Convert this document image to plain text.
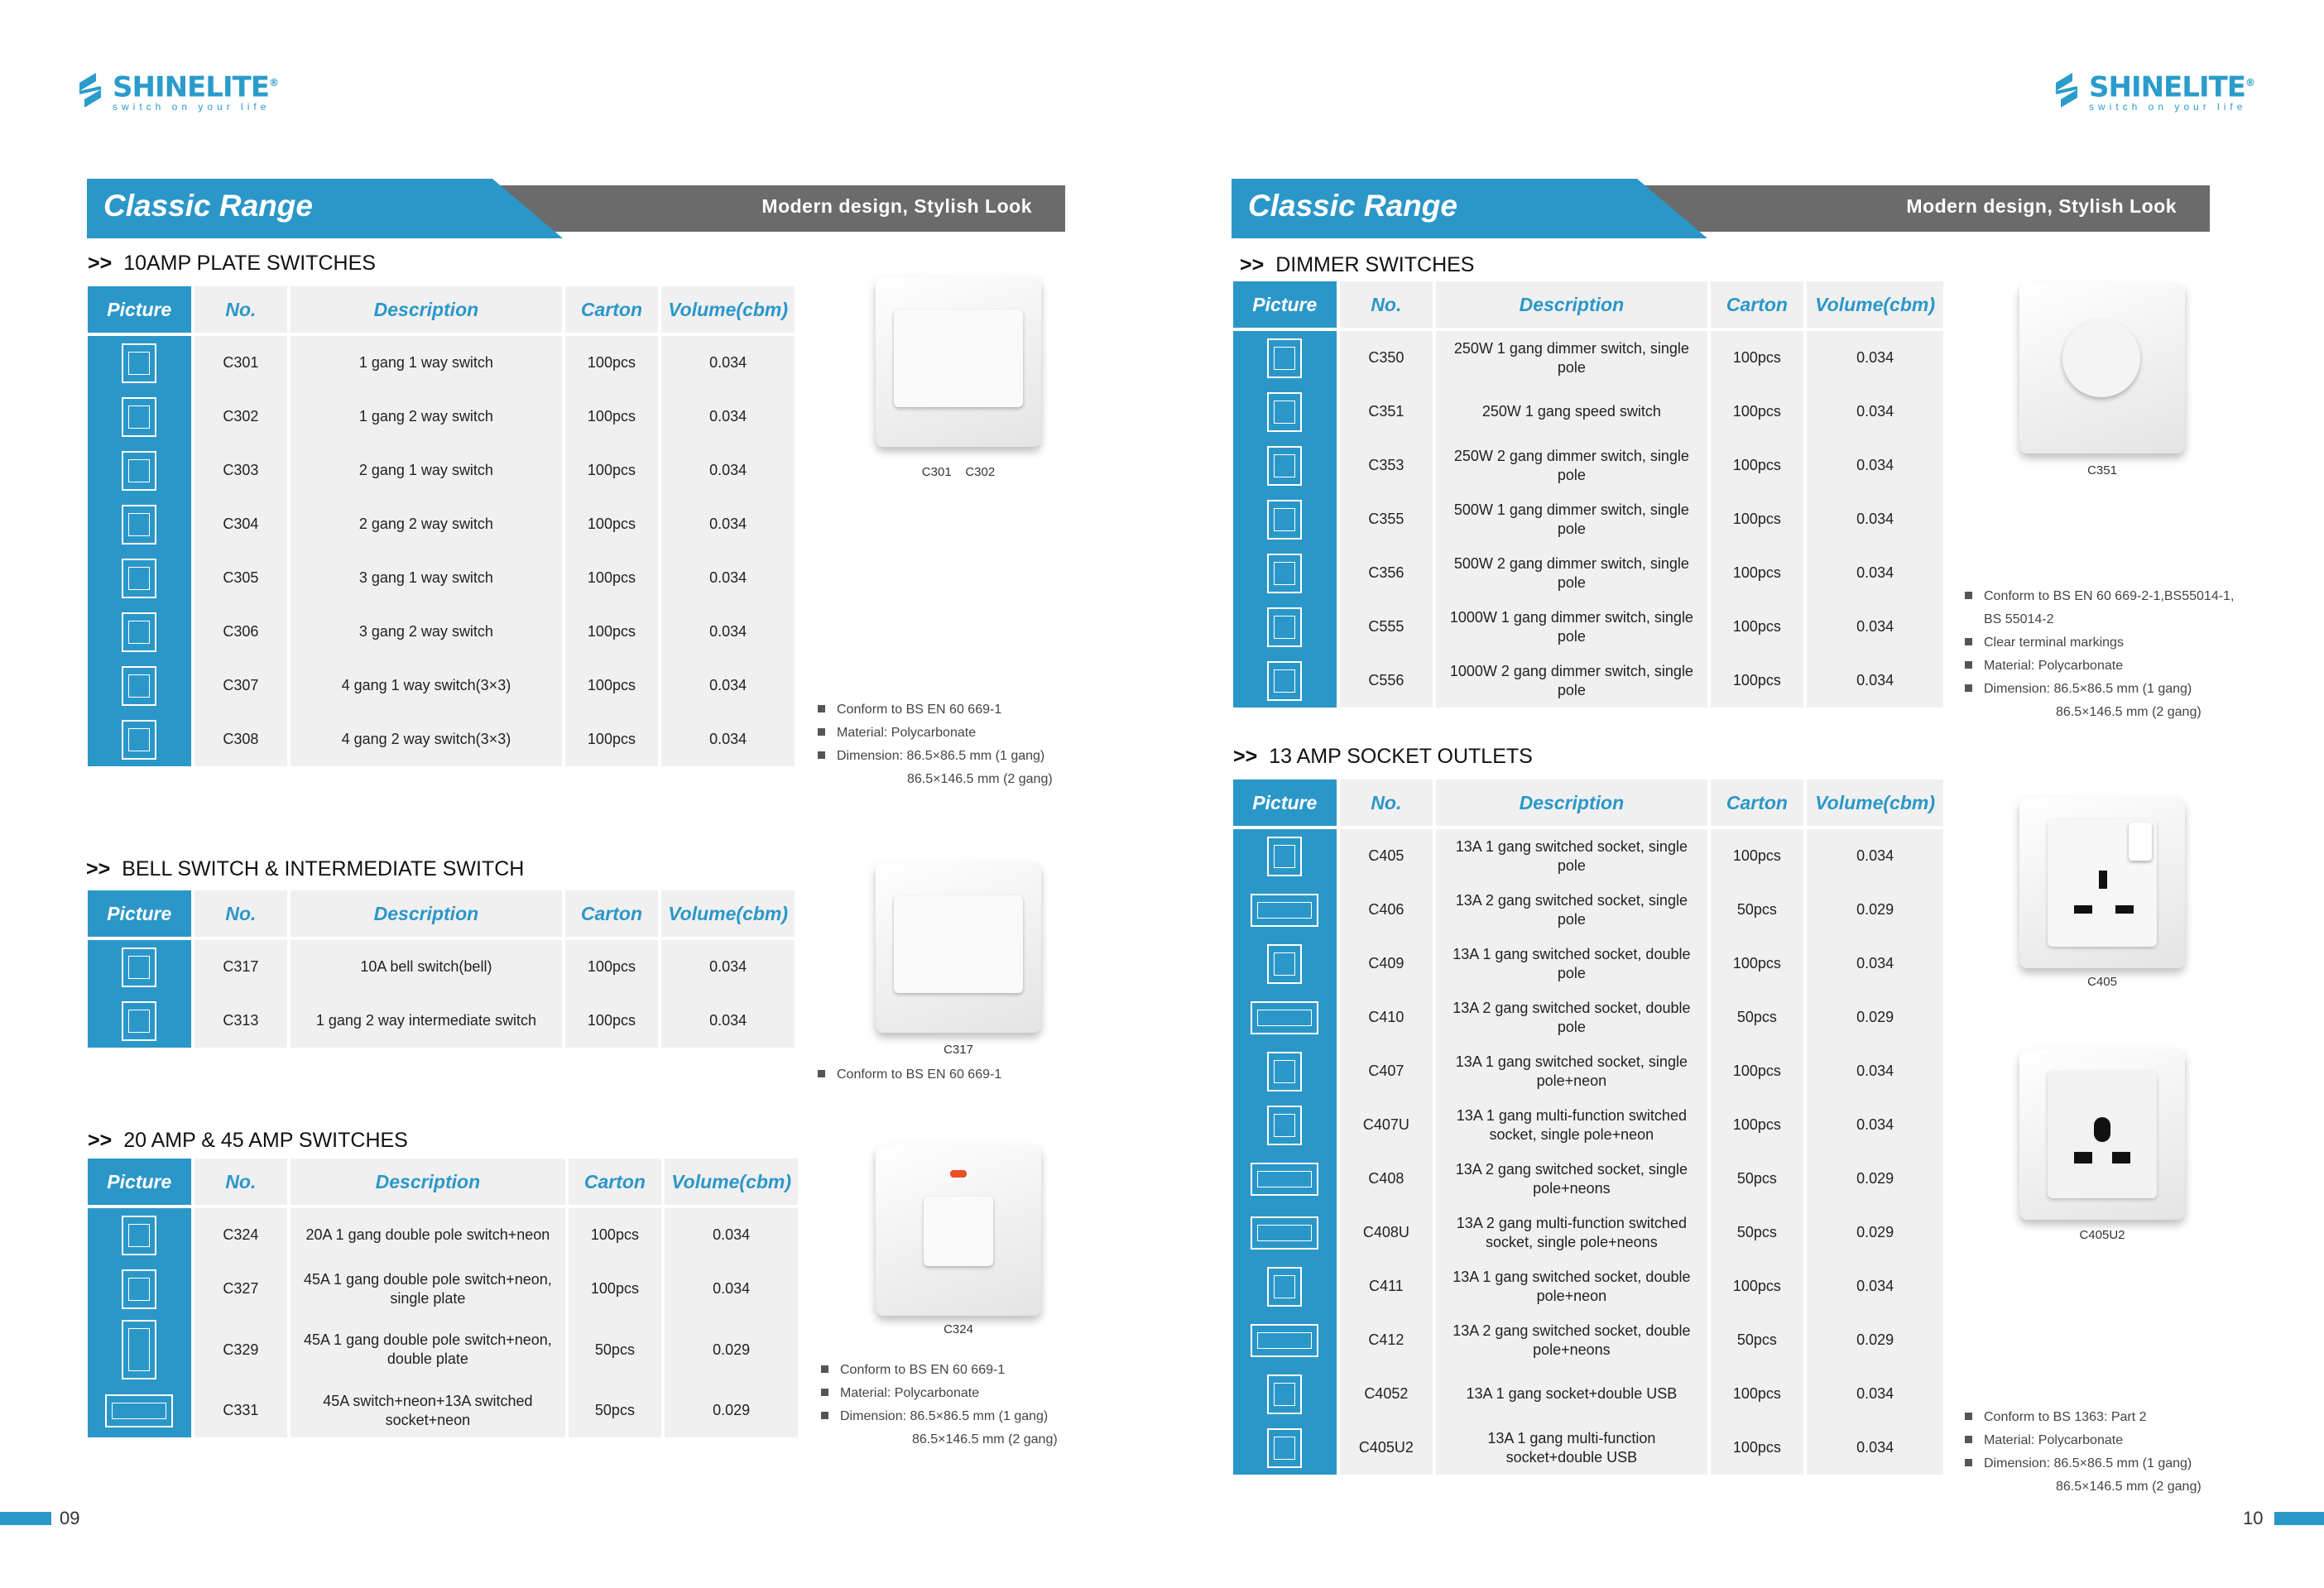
SHINELITE®
switch on your life
SHINELITE®
switch on your life
Classic Range	Modern design, Stylish Look	Classic Range	Modern design, Stylish Look
>> 10AMP PLATE SWITCHES
Picture	No.	Description	Carton	Volume(cbm)

	C301	1 gang 1 way switch	100pcs	0.034

	C302	1 gang 2 way switch	100pcs	0.034

	C303	2 gang 1 way switch	100pcs	0.034

	C304	2 gang 2 way switch	100pcs	0.034

	C305	3 gang 1 way switch	100pcs	0.034

	C306	3 gang 2 way switch	100pcs	0.034

	C307	4 gang 1 way switch(3×3)	100pcs	0.034

	C308	4 gang 2 way switch(3×3)	100pcs	0.034
C301    C302
Conform to BS EN 60 669-1
Material: Polycarbonate
Dimension: 86.5×86.5 mm (1 gang)
86.5×146.5 mm (2 gang)
>> BELL SWITCH & INTERMEDIATE SWITCH
Picture	No.	Description	Carton	Volume(cbm)

	C317	10A bell switch(bell)	100pcs	0.034

	C313	1 gang 2 way intermediate switch	100pcs	0.034
C317
Conform to BS EN 60 669-1
>> 20 AMP & 45 AMP SWITCHES
Picture	No.	Description	Carton	Volume(cbm)

	C324	20A 1 gang double pole switch+neon	100pcs	0.034

	C327	45A 1 gang double pole switch+neon, single plate	100pcs	0.034

	C329	45A 1 gang double pole switch+neon, double plate	50pcs	0.029

	C331	45A switch+neon+13A switched socket+neon	50pcs	0.029
C324
Conform to BS EN 60 669-1
Material: Polycarbonate
Dimension: 86.5×86.5 mm (1 gang)
86.5×146.5 mm (2 gang)
>> DIMMER SWITCHES
Picture	No.	Description	Carton	Volume(cbm)

	C350	250W 1 gang dimmer switch, single pole	100pcs	0.034

	C351	250W 1 gang speed switch	100pcs	0.034

	C353	250W 2 gang dimmer switch, single pole	100pcs	0.034

	C355	500W 1 gang dimmer switch, single pole	100pcs	0.034

	C356	500W 2 gang dimmer switch, single pole	100pcs	0.034

	C555	1000W 1 gang dimmer switch, single pole	100pcs	0.034

	C556	1000W 2 gang dimmer switch, single pole	100pcs	0.034
C351
Conform to BS EN 60 669-2-1,BS55014-1,
BS 55014-2
Clear terminal markings
Material: Polycarbonate
Dimension: 86.5×86.5 mm (1 gang)
86.5×146.5 mm (2 gang)
>> 13 AMP SOCKET OUTLETS
Picture	No.	Description	Carton	Volume(cbm)

	C405	13A 1 gang switched socket, single pole	100pcs	0.034

	C406	13A 2 gang switched socket, single pole	50pcs	0.029

	C409	13A 1 gang switched socket, double pole	100pcs	0.034

	C410	13A 2 gang switched socket, double pole	50pcs	0.029

	C407	13A 1 gang switched socket, single pole+neon	100pcs	0.034

	C407U	13A 1 gang multi-function switched socket, single pole+neon	100pcs	0.034

	C408	13A 2 gang switched socket, single pole+neons	50pcs	0.029

	C408U	13A 2 gang multi-function switched socket, single pole+neons	50pcs	0.029

	C411	13A 1 gang switched socket, double pole+neon	100pcs	0.034

	C412	13A 2 gang switched socket, double pole+neons	50pcs	0.029

	C4052	13A 1 gang socket+double USB	100pcs	0.034

	C405U2	13A 1 gang multi-function socket+double USB	100pcs	0.034
C405
C405U2
Conform to BS 1363: Part 2
Material: Polycarbonate
Dimension: 86.5×86.5 mm (1 gang)
86.5×146.5 mm (2 gang)
09	10
